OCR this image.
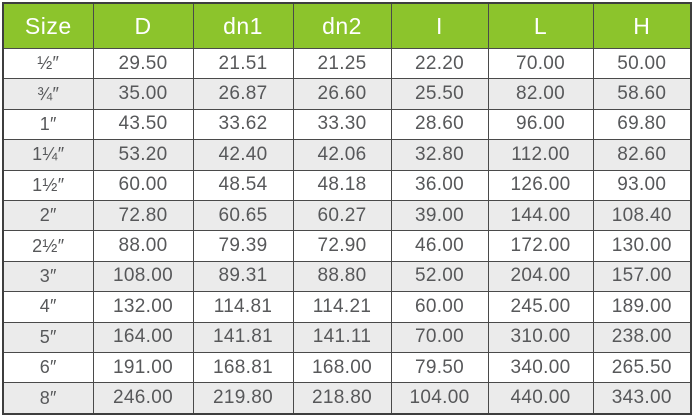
Size	D	dn1	dn2	I	L	H
½″	29.50	21.51	21.25	22.20	70.00	50.00
¾″	35.00	26.87	26.60	25.50	82.00	58.60
1″	43.50	33.62	33.30	28.60	96.00	69.80
1¼″	53.20	42.40	42.06	32.80	112.00	82.60
1½″	60.00	48.54	48.18	36.00	126.00	93.00
2″	72.80	60.65	60.27	39.00	144.00	108.40
2½″	88.00	79.39	72.90	46.00	172.00	130.00
3″	108.00	89.31	88.80	52.00	204.00	157.00
4″	132.00	114.81	114.21	60.00	245.00	189.00
5″	164.00	141.81	141.11	70.00	310.00	238.00
6″	191.00	168.81	168.00	79.50	340.00	265.50
8″	246.00	219.80	218.80	104.00	440.00	343.00
